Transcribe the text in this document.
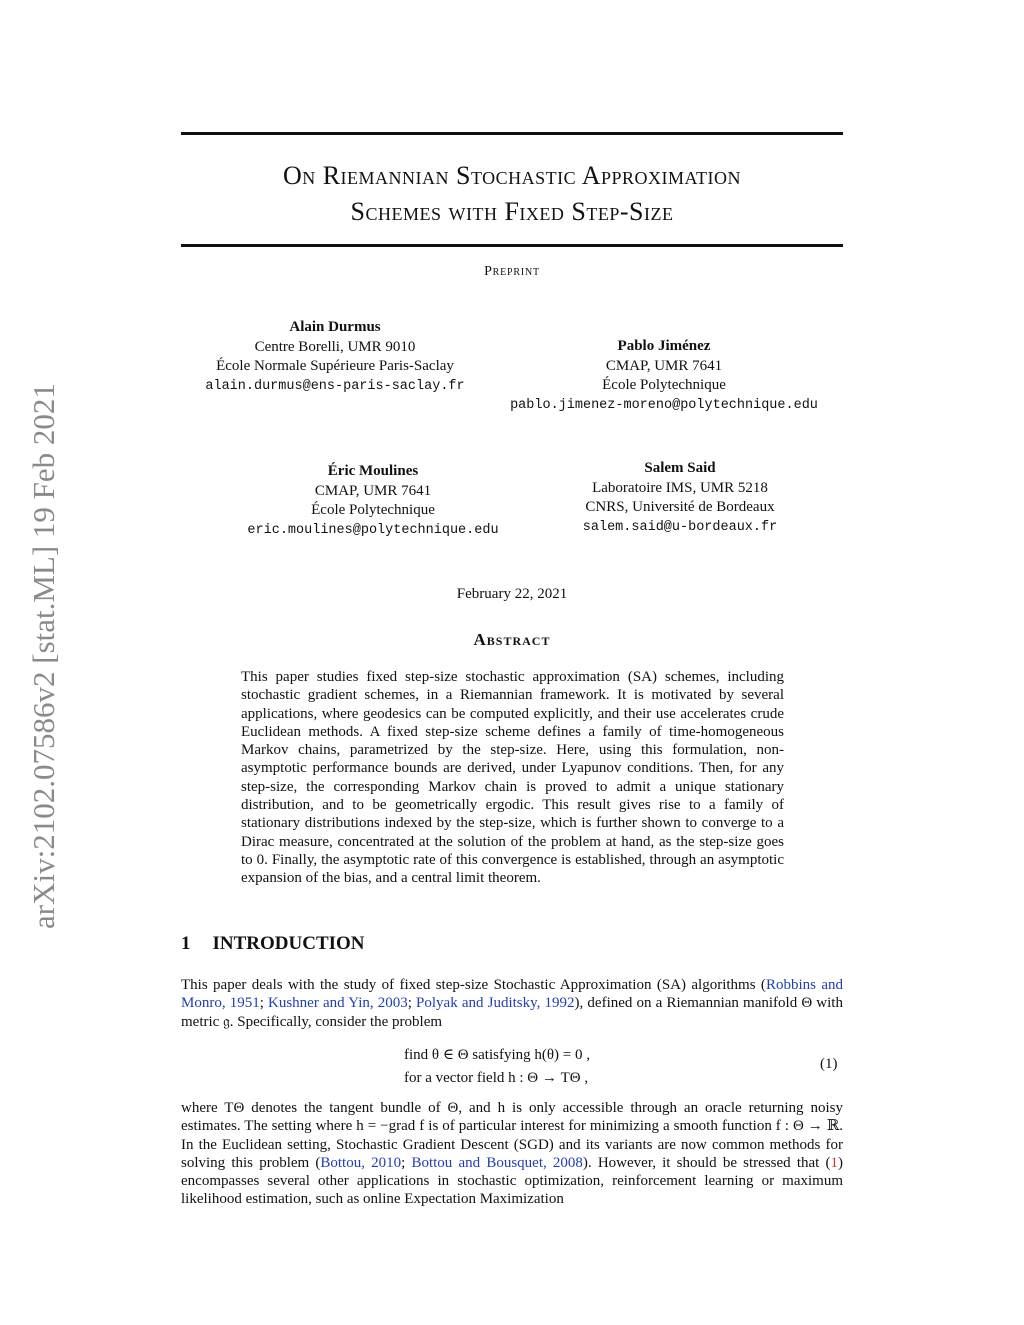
arXiv:2102.07586v2 [stat.ML] 19 Feb 2021
On Riemannian Stochastic Approximation
Schemes with Fixed Step-Size
Preprint
Alain Durmus
Centre Borelli, UMR 9010
École Normale Supérieure Paris-Saclay
alain.durmus@ens-paris-saclay.fr
Pablo Jiménez
CMAP, UMR 7641
École Polytechnique
pablo.jimenez-moreno@polytechnique.edu
Éric Moulines
CMAP, UMR 7641
École Polytechnique
eric.moulines@polytechnique.edu
Salem Said
Laboratoire IMS, UMR 5218
CNRS, Université de Bordeaux
salem.said@u-bordeaux.fr
February 22, 2021
Abstract
This paper studies fixed step-size stochastic approximation (SA) schemes, including stochastic gradient schemes, in a Riemannian framework. It is motivated by several applications, where geodesics can be computed explicitly, and their use accelerates crude Euclidean methods. A fixed step-size scheme defines a family of time-homogeneous Markov chains, parametrized by the step-size. Here, using this formulation, non-asymptotic performance bounds are derived, under Lyapunov conditions. Then, for any step-size, the corresponding Markov chain is proved to admit a unique stationary distribution, and to be geometrically ergodic. This result gives rise to a family of stationary distributions indexed by the step-size, which is further shown to converge to a Dirac measure, concentrated at the solution of the problem at hand, as the step-size goes to 0. Finally, the asymptotic rate of this convergence is established, through an asymptotic expansion of the bias, and a central limit theorem.
1 INTRODUCTION
This paper deals with the study of fixed step-size Stochastic Approximation (SA) algorithms (Robbins and Monro, 1951; Kushner and Yin, 2003; Polyak and Juditsky, 1992), defined on a Riemannian manifold Θ with metric 𝔤. Specifically, consider the problem
find θ ∈ Θ satisfying h(θ) = 0 ,
for a vector field h : Θ → TΘ ,
(1)
where TΘ denotes the tangent bundle of Θ, and h is only accessible through an oracle returning noisy estimates. The setting where h = −grad f is of particular interest for minimizing a smooth function f : Θ → ℝ. In the Euclidean setting, Stochastic Gradient Descent (SGD) and its variants are now common methods for solving this problem (Bottou, 2010; Bottou and Bousquet, 2008). However, it should be stressed that (1) encompasses several other applications in stochastic optimization, reinforcement learning or maximum likelihood estimation, such as online Expectation Maximization
